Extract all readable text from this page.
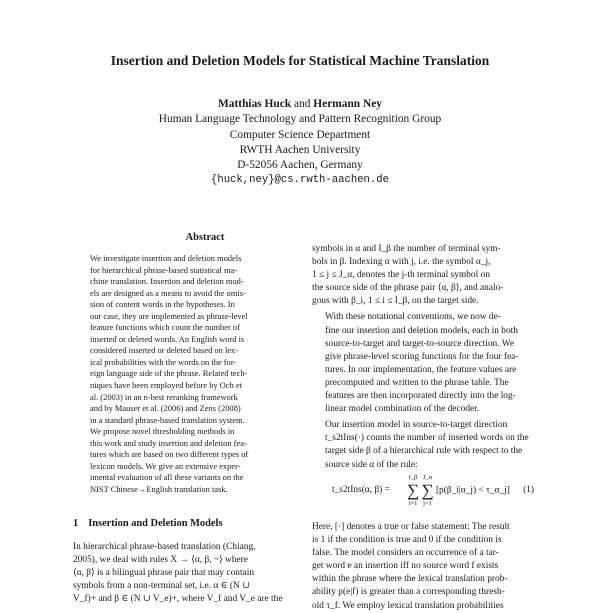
Insertion and Deletion Models for Statistical Machine Translation
Matthias Huck and Hermann Ney
Human Language Technology and Pattern Recognition Group
Computer Science Department
RWTH Aachen University
D-52056 Aachen, Germany
{huck,ney}@cs.rwth-aachen.de
Abstract
We investigate insertion and deletion models
for hierarchical phrase-based statistical ma-
chine translation. Insertion and deletion mod-
els are designed as a means to avoid the omis-
sion of content words in the hypotheses. In
our case, they are implemented as phrase-level
feature functions which count the number of
inserted or deleted words. An English word is
considered inserted or deleted based on lex-
ical probabilities with the words on the for-
eign language side of the phrase. Related tech-
niques have been employed before by Och et
al. (2003) in an n-best reranking framework
and by Mauser et al. (2006) and Zens (2008)
in a standard phrase-based translation system.
We propose novel thresholding methods in
this work and study insertion and deletion fea-
tures which are based on two different types of
lexicon models. We give an extensive exper-
imental evaluation of all these variants on the
NIST Chinese→English translation task.
1 Insertion and Deletion Models
In hierarchical phrase-based translation (Chiang,
2005), we deal with rules X → ⟨α, β, ~⟩ where
⟨α, β⟩ is a bilingual phrase pair that may contain
symbols from a non-terminal set, i.e. α ∈ (N ∪
V_f)+ and β ∈ (N ∪ V_e)+, where V_f and V_e are the

symbols in α and I_β the number of terminal sym-
bols in β. Indexing α with j, i.e. the symbol α_j,
1 ≤ j ≤ J_α, denotes the j-th terminal symbol on
the source side of the phrase pair ⟨α, β⟩, and analo-
gous with β_i, 1 ≤ i ≤ I_β, on the target side.

With these notational conventions, we now de-
fine our insertion and deletion models, each in both
source-to-target and target-to-source direction. We
give phrase-level scoring functions for the four fea-
tures. In our implementation, the feature values are
precomputed and written to the phrase table. The
features are then incorporated directly into the log-
linear model combination of the decoder.

Our insertion model in source-to-target direction
t_s2tIns(·) counts the number of inserted words on the
target side β of a hierarchical rule with respect to the
source side α of the rule:

t_s2tIns(α, β) =
I_β
∑
i=1

J_α
∑
j=1
[p(β_i|α_j) < τ_α_j] (1)

Here, [·] denotes a true or false statement: The result
is 1 if the condition is true and 0 if the condition is
false. The model considers an occurrence of a tar-
get word e an insertion iff no source word f exists
within the phrase where the lexical translation prob-
ability p(e|f) is greater than a corresponding thresh-
old τ_f. We employ lexical translation probabilities
